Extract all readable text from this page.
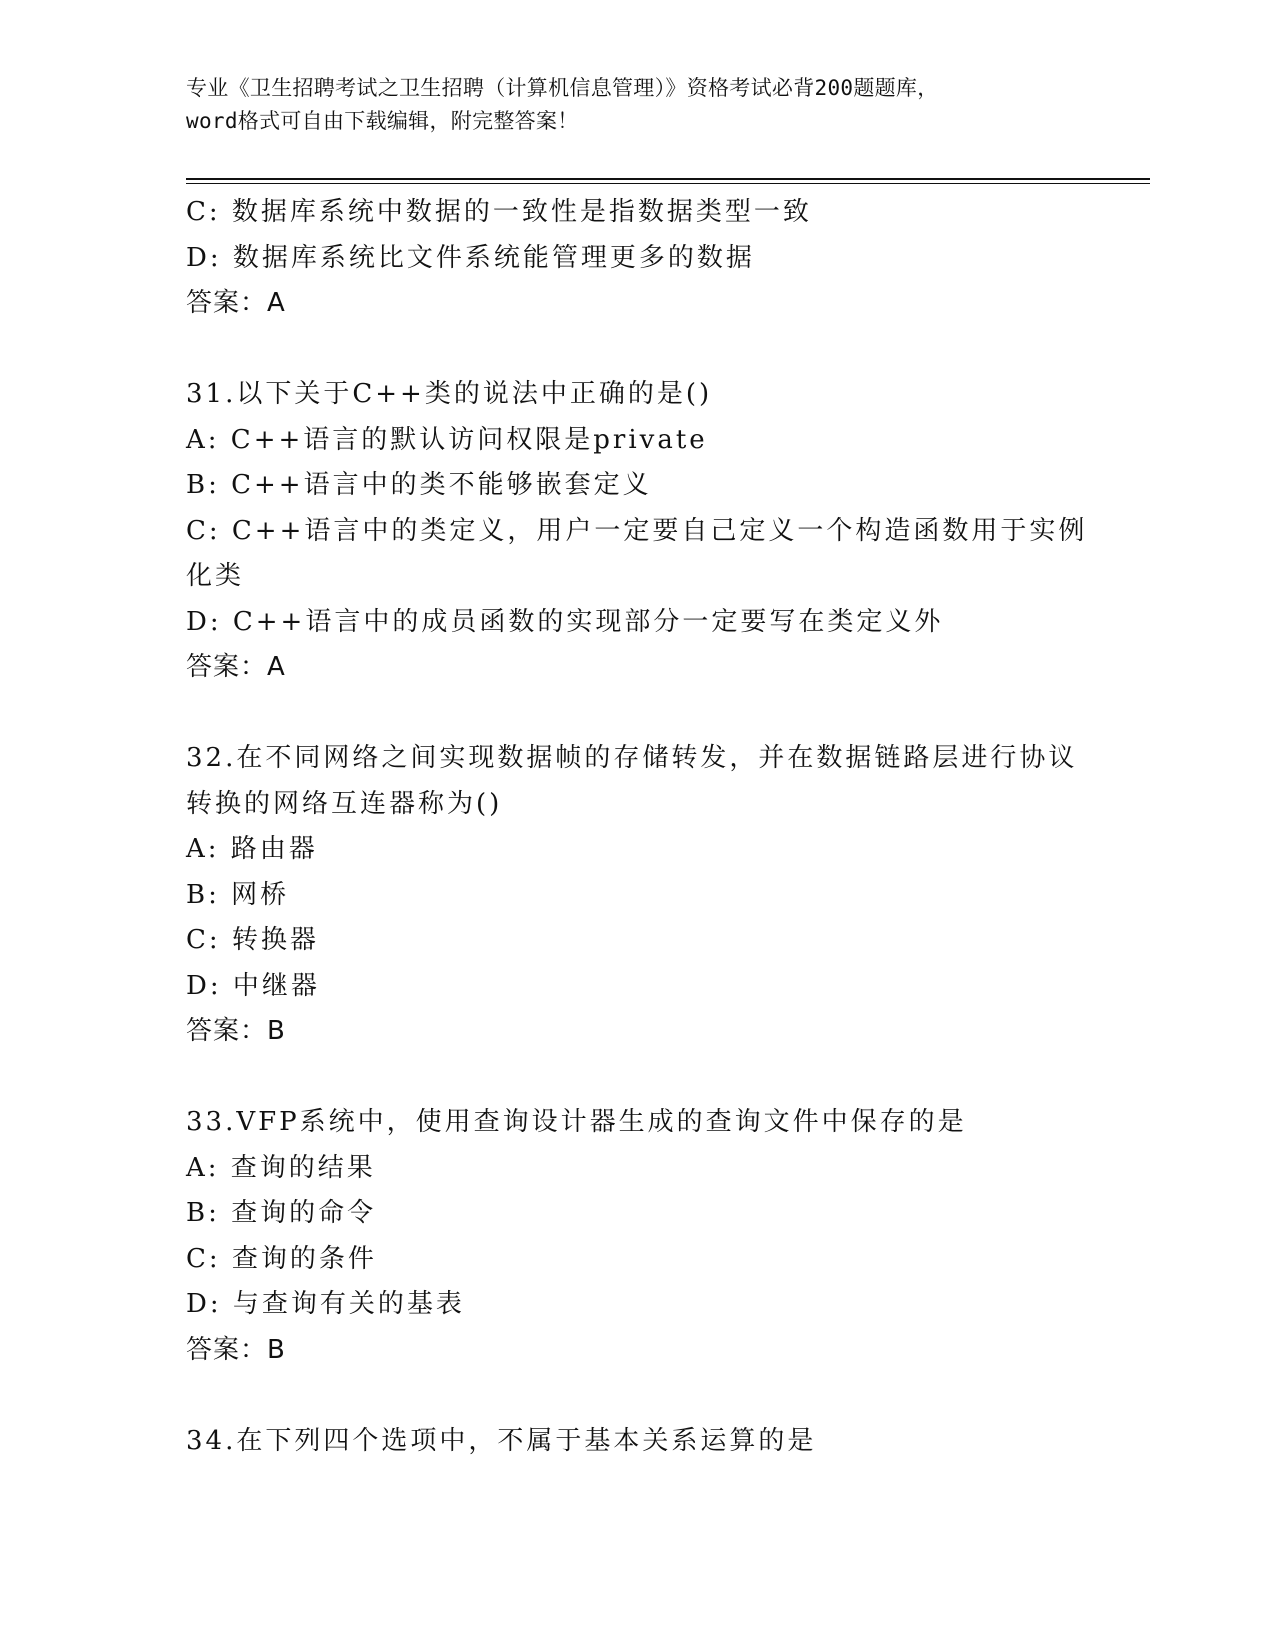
专业《卫生招聘考试之卫生招聘（计算机信息管理）》资格考试必背200题题库，
word格式可自由下载编辑，附完整答案！
C: 数据库系统中数据的一致性是指数据类型一致
D: 数据库系统比文件系统能管理更多的数据
答案：A
31.以下关于C++类的说法中正确的是()
A: C++语言的默认访问权限是private
B: C++语言中的类不能够嵌套定义
C: C++语言中的类定义，用户一定要自己定义一个构造函数用于实例
化类
D: C++语言中的成员函数的实现部分一定要写在类定义外
答案：A
32.在不同网络之间实现数据帧的存储转发，并在数据链路层进行协议
转换的网络互连器称为()
A: 路由器
B: 网桥
C: 转换器
D: 中继器
答案：B
33.VFP系统中，使用查询设计器生成的查询文件中保存的是
A: 查询的结果
B: 查询的命令
C: 查询的条件
D: 与查询有关的基表
答案：B
34.在下列四个选项中，不属于基本关系运算的是
